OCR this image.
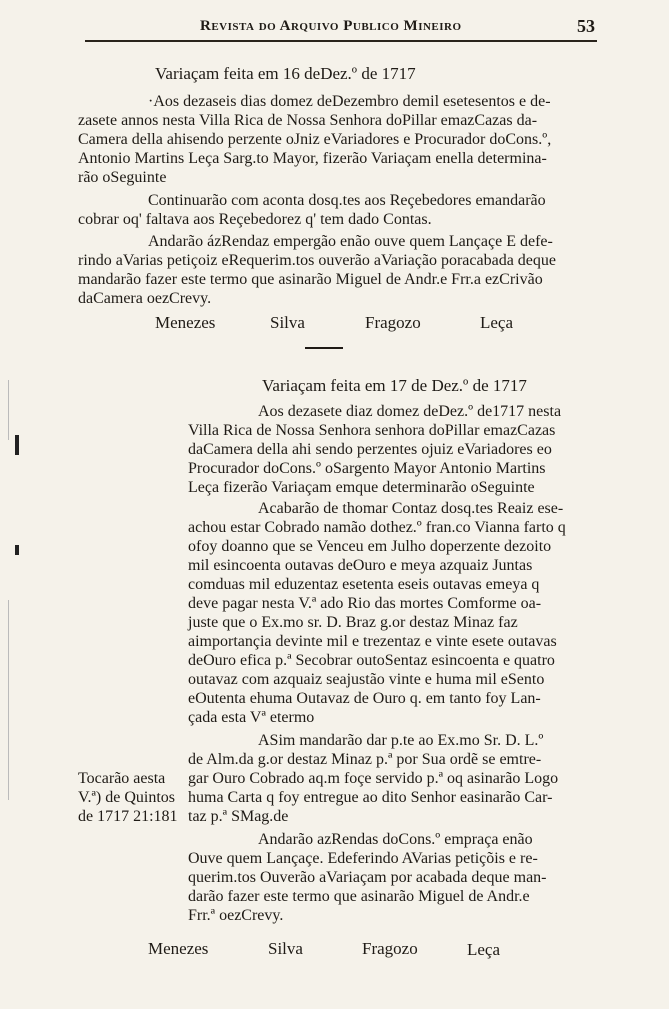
Revista do Arquivo Publico Mineiro	53
Variaçam feita em 16 deDez.º de 1717
·Aos dezaseis dias domez deDezembro demil esetesentos e de-
zasete annos nesta Villa Rica de Nossa Senhora doPillar emazCazas da-
Camera della ahisendo perzente oJniz eVariadores e Procurador doCons.º,
Antonio Martins Leça Sarg.to Mayor, fizerão Variaçam enella determina-
rão oSeguinte
Continuarão com aconta dosq.tes aos Reçebedores emandarão
cobrar oq' faltava aos Reçebedorez q' tem dado Contas.
Andarão ázRendaz empergão enão ouve quem Lançaçe E defe-
rindo aVarias petiçoiz eRequerim.tos ouverão aVariação poracabada deque
mandarão fazer este termo que asinarão Miguel de Andr.e Frr.a ezCrivão
daCamera oezCrevy.
Menezes	Silva	Fragozo	Leça
Variaçam feita em 17 de Dez.º de 1717
Aos dezasete diaz domez deDez.º de1717 nesta
Villa Rica de Nossa Senhora senhora doPillar emazCazas
daCamera della ahi sendo perzentes ojuiz eVariadores eo
Procurador doCons.º oSargento Mayor Antonio Martins
Leça fizerão Variaçam emque determinarão oSeguinte
Acabarão de thomar Contaz dosq.tes Reaiz ese-
achou estar Cobrado namão dothez.º fran.co Vianna farto q
ofoy doanno que se Venceu em Julho doperzente dezoito
mil esincoenta outavas deOuro e meya azquaiz Juntas
comduas mil eduzentaz esetenta eseis outavas emeya q
deve pagar nesta V.ª ado Rio das mortes Comforme oa-
juste que o Ex.mo sr. D. Braz g.or destaz Minaz faz
aimportançia devinte mil e trezentaz e vinte esete outavas
deOuro efica p.ª Secobrar outoSentaz esincoenta e quatro
outavaz com azquaiz seajustão vinte e huma mil eSento
eOutenta ehuma Outavaz de Ouro q. em tanto foy Lan-
çada esta Vª etermo
ASim mandarão dar p.te ao Ex.mo Sr. D. L.º
de Alm.da g.or destaz Minaz p.ª por Sua ordẽ se emtre-
gar Ouro Cobrado aq.m foçe servido p.ª oq asinarão Logo
huma Carta q foy entregue ao dito Senhor easinarão Car-
taz p.ª SMag.de
Andarão azRendas doCons.º empraça enão
Ouve quem Lançaçe. Edeferindo AVarias petiçõis e re-
querim.tos Ouverão aVariaçam por acabada deque man-
darão fazer este termo que asinarão Miguel de Andr.e
Frr.ª oezCrevy.
Tocarão aesta
V.ª) de Quintos
de 1717 21:181
Menezes	Silva	Fragozo	Leça
